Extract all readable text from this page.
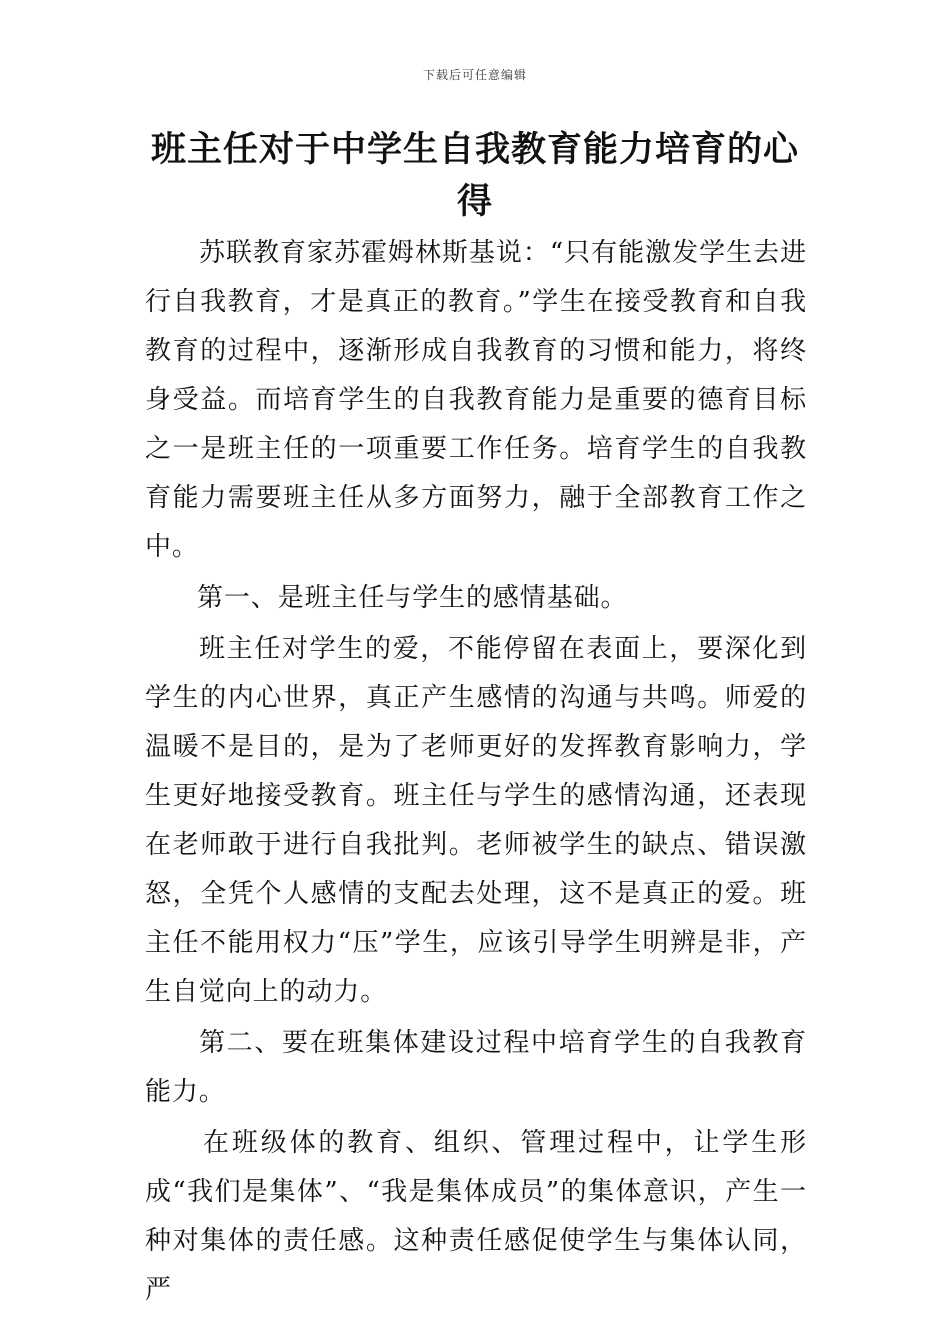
下载后可任意编辑
班主任对于中学生自我教育能力培育的心得

苏联教育家苏霍姆林斯基说：“只有能激发学生去进行自我教育，才是真正的教育。”学生在接受教育和自我教育的过程中，逐渐形成自我教育的习惯和能力，将终身受益。而培育学生的自我教育能力是重要的德育目标之一是班主任的一项重要工作任务。培育学生的自我教育能力需要班主任从多方面努力，融于全部教育工作之中。

第一、是班主任与学生的感情基础。

班主任对学生的爱，不能停留在表面上，要深化到学生的内心世界，真正产生感情的沟通与共鸣。师爱的温暖不是目的，是为了老师更好的发挥教育影响力，学生更好地接受教育。班主任与学生的感情沟通，还表现在老师敢于进行自我批判。老师被学生的缺点、错误激怒，全凭个人感情的支配去处理，这不是真正的爱。班主任不能用权力“压”学生，应该引导学生明辨是非，产生自觉向上的动力。

第二、要在班集体建设过程中培育学生的自我教育能力。

在班级体的教育、组织、管理过程中，让学生形成“我们是集体”、“我是集体成员”的集体意识，产生一种对集体的责任感。这种责任感促使学生与集体认同，严
